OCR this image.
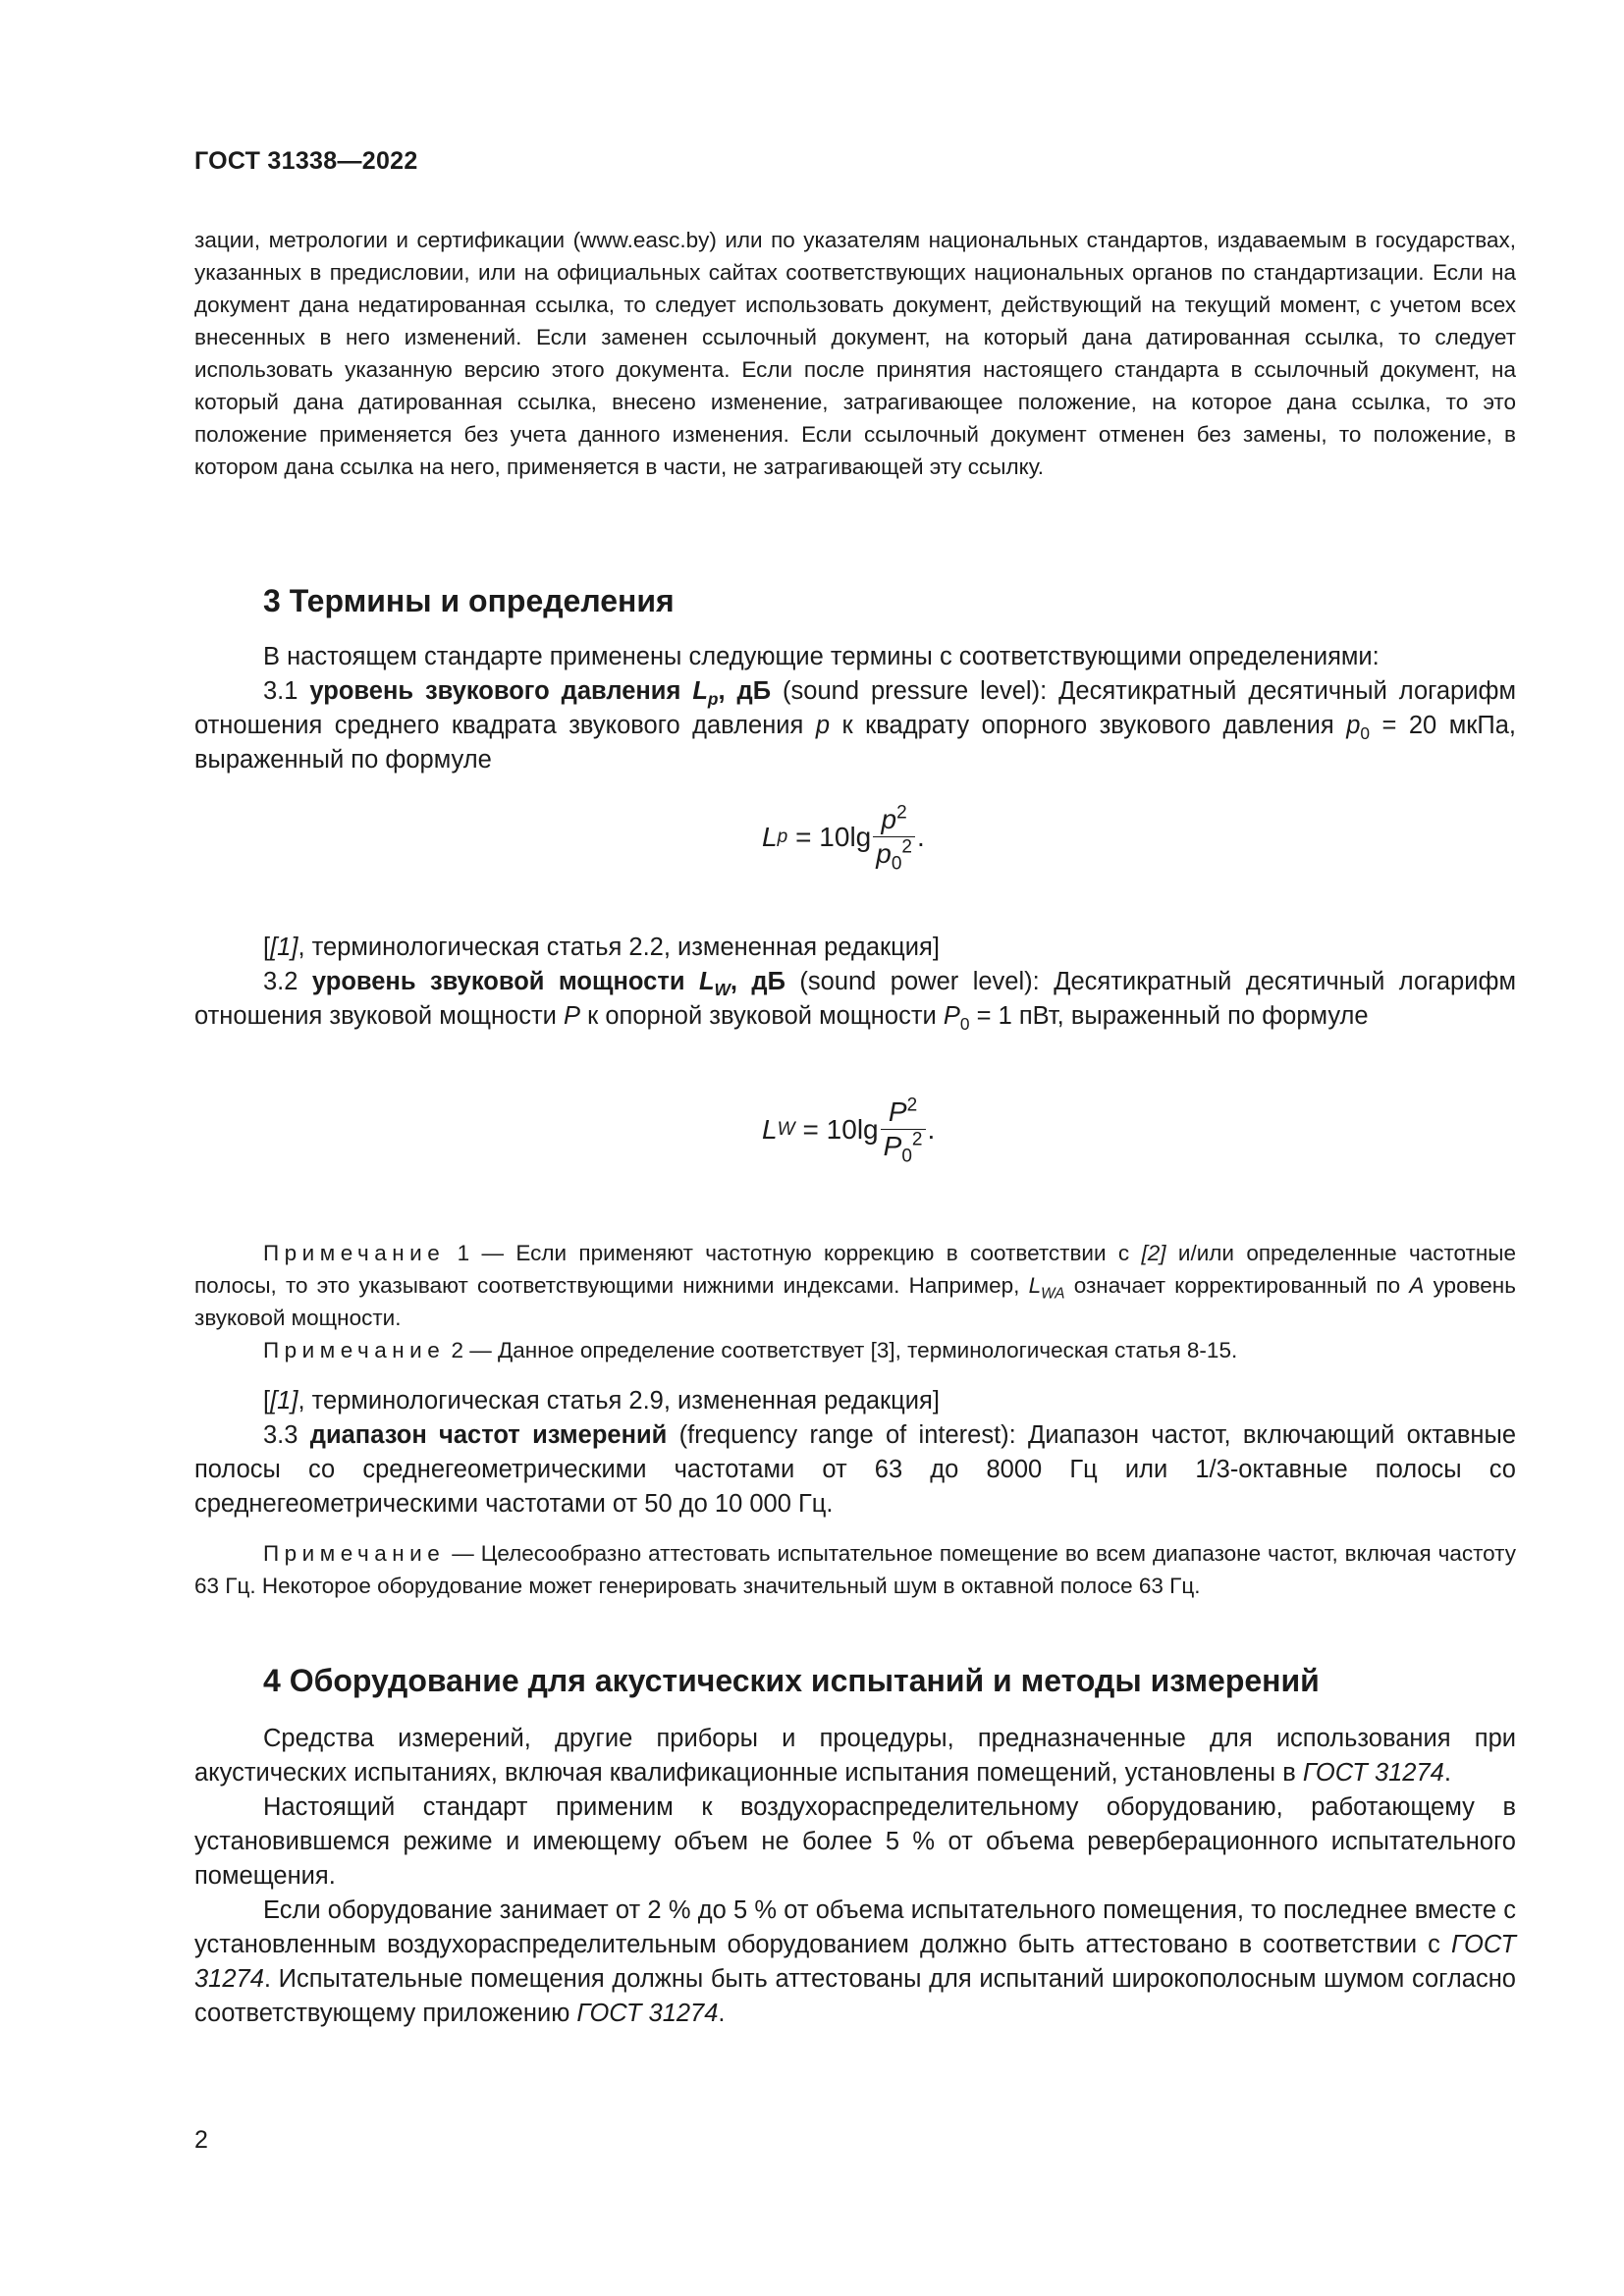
ГОСТ 31338—2022

зации, метрологии и сертификации (www.easc.by) или по указателям национальных стандартов, издаваемым в государствах, указанных в предисловии, или на официальных сайтах соответствующих национальных органов по стандартизации. Если на документ дана недатированная ссылка, то следует использовать документ, действующий на текущий момент, с учетом всех внесенных в него изменений. Если заменен ссылочный документ, на который дана датированная ссылка, то следует использовать указанную версию этого документа. Если после принятия настоящего стандарта в ссылочный документ, на который дана датированная ссылка, внесено изменение, затрагивающее положение, на которое дана ссылка, то это положение применяется без учета данного изменения. Если ссылочный документ отменен без замены, то положение, в котором дана ссылка на него, применяется в части, не затрагивающей эту ссылку.

3 Термины и определения

В настоящем стандарте применены следующие термины с соответствующими определениями:

3.1 уровень звукового давления $L_p$, дБ (sound pressure level): Десятикратный десятичный логарифм отношения среднего квадрата звукового давления p к квадрату опорного звукового давления $p_0 = 20$ мкПа, выраженный по формуле

L $p = 10\lg \frac{p^2}{p_0^2}$ .

[[1], терминологическая статья 2.2, измененная редакция]

3.2 уровень звуковой мощности $L_W$, дБ (sound power level): Десятикратный десятичный логарифм отношения звуковой мощности P к опорной звуковой мощности $P_0 = 1$ пВт, выраженный по формуле

L $W = 10\lg \frac{P^2}{P_0^2}$ .

Примечание 1 — Если применяют частотную коррекцию в соответствии с [2] и/или определенные частотные полосы, то это указывают соответствующими нижними индексами. Например, $L_{WA}$ означает корректированный по A уровень звуковой мощности.

Примечание 2 — Данное определение соответствует [3], терминологическая статья 8-15.

[[1], терминологическая статья 2.9, измененная редакция]

3.3 диапазон частот измерений (frequency range of interest): Диапазон частот, включающий октавные полосы со среднегеометрическими частотами от 63 до 8000 Гц или 1/3-октавные полосы со среднегеометрическими частотами от 50 до 10 000 Гц.

Примечание — Целесообразно аттестовать испытательное помещение во всем диапазоне частот, включая частоту 63 Гц. Некоторое оборудование может генерировать значительный шум в октавной полосе 63 Гц.

4 Оборудование для акустических испытаний и методы измерений

Средства измерений, другие приборы и процедуры, предназначенные для использования при акустических испытаниях, включая квалификационные испытания помещений, установлены в ГОСТ 31274.

Настоящий стандарт применим к воздухораспределительному оборудованию, работающему в установившемся режиме и имеющему объем не более 5 % от объема реверберационного испытательного помещения.

Если оборудование занимает от 2 % до 5 % от объема испытательного помещения, то последнее вместе с установленным воздухораспределительным оборудованием должно быть аттестовано в соответствии с ГОСТ 31274. Испытательные помещения должны быть аттестованы для испытаний широкополосным шумом согласно соответствующему приложению ГОСТ 31274.

2
